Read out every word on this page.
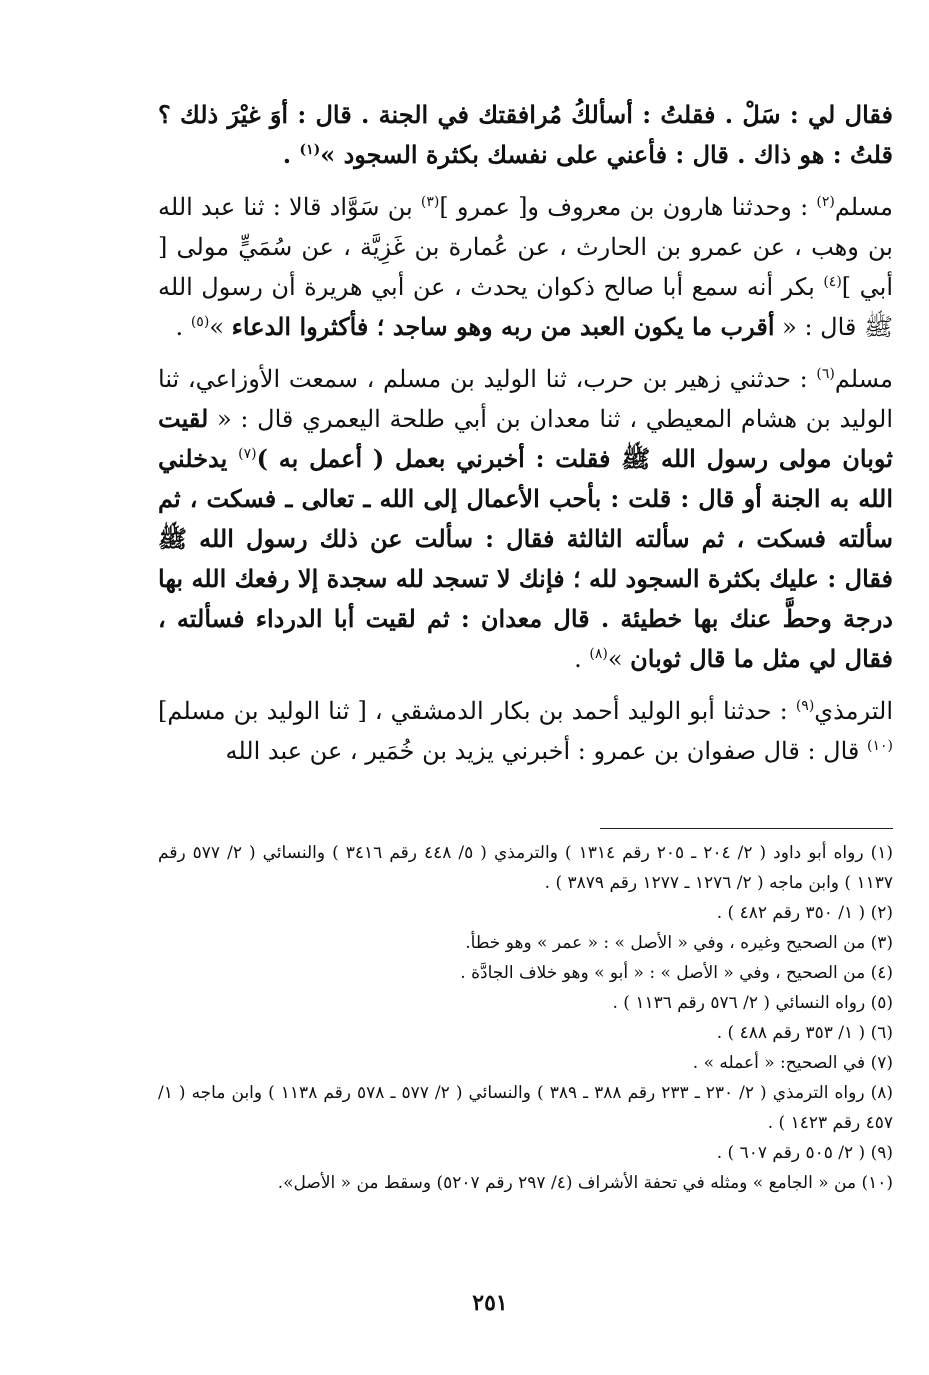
فقال لي : سَلْ . فقلتُ : أسألكُ مُرافقتك في الجنة . قال : أوَ غيْرَ ذلك ؟ قلتُ : هو ذاك . قال : فأعني على نفسك بكثرة السجود »$^{(١)}$ .

مسلم$^{(٢)}$ : وحدثنا هارون بن معروف و[ عمرو ]$^{(٣)}$ بن سَوَّاد قالا : ثنا عبد الله بن وهب ، عن عمرو بن الحارث ، عن عُمارة بن غَزِيَّة ، عن سُمَيٍّ مولى [ أبي ]$^{(٤)}$ بكر أنه سمع أبا صالح ذكوان يحدث ، عن أبي هريرة أن رسول الله ﷺ قال : « أقرب ما يكون العبد من ربه وهو ساجد ؛ فأكثروا الدعاء »$^{(٥)}$ .

مسلم$^{(٦)}$ : حدثني زهير بن حرب، ثنا الوليد بن مسلم ، سمعت الأوزاعي، ثنا الوليد بن هشام المعيطي ، ثنا معدان بن أبي طلحة اليعمري قال : « لقيت ثوبان مولى رسول الله ﷺ فقلت : أخبرني بعمل ( أعمل به )$^{(٧)}$ يدخلني الله به الجنة أو قال : قلت : بأحب الأعمال إلى الله ـ تعالى ـ فسكت ، ثم سألته فسكت ، ثم سألته الثالثة فقال : سألت عن ذلك رسول الله ﷺ فقال : عليك بكثرة السجود لله ؛ فإنك لا تسجد لله سجدة إلا رفعك الله بها درجة وحطَّ عنك بها خطيئة . قال معدان : ثم لقيت أبا الدرداء فسألته ، فقال لي مثل ما قال ثوبان »$^{(٨)}$ .

الترمذي$^{(٩)}$ : حدثنا أبو الوليد أحمد بن بكار الدمشقي ، [ ثنا الوليد بن مسلم]$^{(١٠)}$ قال : قال صفوان بن عمرو : أخبرني يزيد بن خُمَير ، عن عبد الله

(١) رواه أبو داود ( ٢/ ٢٠٤ ـ ٢٠٥ رقم ١٣١٤ ) والترمذي ( ٥/ ٤٤٨ رقم ٣٤١٦ ) والنسائي ( ٢/ ٥٧٧ رقم ١١٣٧ ) وابن ماجه ( ٢/ ١٢٧٦ ـ ١٢٧٧ رقم ٣٨٧٩ ) .

(٢) ( ١/ ٣٥٠ رقم ٤٨٢ ) .

(٣) من الصحيح وغيره ، وفي « الأصل » : « عمر » وهو خطأ.

(٤) من الصحيح ، وفي « الأصل » : « أبو » وهو خلاف الجادَّة .

(٥) رواه النسائي ( ٢/ ٥٧٦ رقم ١١٣٦ ) .

(٦) ( ١/ ٣٥٣ رقم ٤٨٨ ) .

(٧) في الصحيح: « أعمله » .

(٨) رواه الترمذي ( ٢/ ٢٣٠ ـ ٢٣٣ رقم ٣٨٨ ـ ٣٨٩ ) والنسائي ( ٢/ ٥٧٧ ـ ٥٧٨ رقم ١١٣٨ ) وابن ماجه ( ١/ ٤٥٧ رقم ١٤٢٣ ) .

(٩) ( ٢/ ٥٠٥ رقم ٦٠٧ ) .

(١٠) من « الجامع » ومثله في تحفة الأشراف (٤/ ٢٩٧ رقم ٥٢٠٧) وسقط من « الأصل».

٢٥١
